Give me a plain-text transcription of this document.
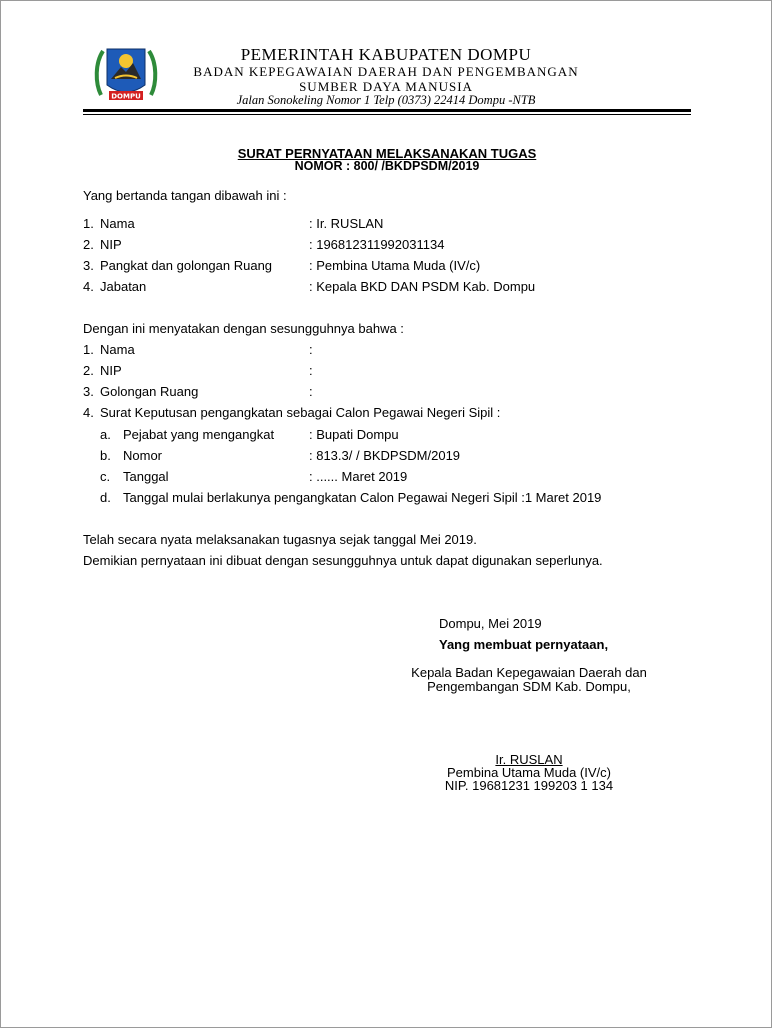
DOMPU
PEMERINTAH KABUPATEN DOMPU
BADAN KEPEGAWAIAN DAERAH DAN PENGEMBANGAN
SUMBER DAYA MANUSIA
Jalan Sonokeling Nomor 1 Telp (0373) 22414 Dompu -NTB
SURAT PERNYATAAN MELAKSANAKAN TUGAS
NOMOR : 800/ /BKDPSDM/2019
Yang bertanda tangan dibawah ini :
1. Nama	: Ir. RUSLAN
2. NIP	: 196812311992031134
3. Pangkat dan golongan Ruang	: Pembina Utama Muda (IV/c)
4. Jabatan	: Kepala BKD DAN PSDM Kab. Dompu
Dengan ini menyatakan dengan sesungguhnya bahwa :
1. Nama	:
2. NIP	:
3. Golongan Ruang	:
4. Surat Keputusan pengangkatan sebagai Calon Pegawai Negeri Sipil :
a. Pejabat yang mengangkat	: Bupati Dompu
b. Nomor	: 813.3/ / BKDPSDM/2019
c. Tanggal	: ...... Maret 2019
d. Tanggal mulai berlakunya pengangkatan Calon Pegawai Negeri Sipil :1 Maret 2019
Telah secara nyata melaksanakan tugasnya sejak tanggal Mei 2019.
Demikian pernyataan ini dibuat dengan sesungguhnya untuk dapat digunakan seperlunya.
Dompu, Mei 2019
Yang membuat pernyataan,
Kepala Badan Kepegawaian Daerah dan
Pengembangan SDM Kab. Dompu,
Ir. RUSLAN
Pembina Utama Muda (IV/c)
NIP. 19681231 199203 1 134
